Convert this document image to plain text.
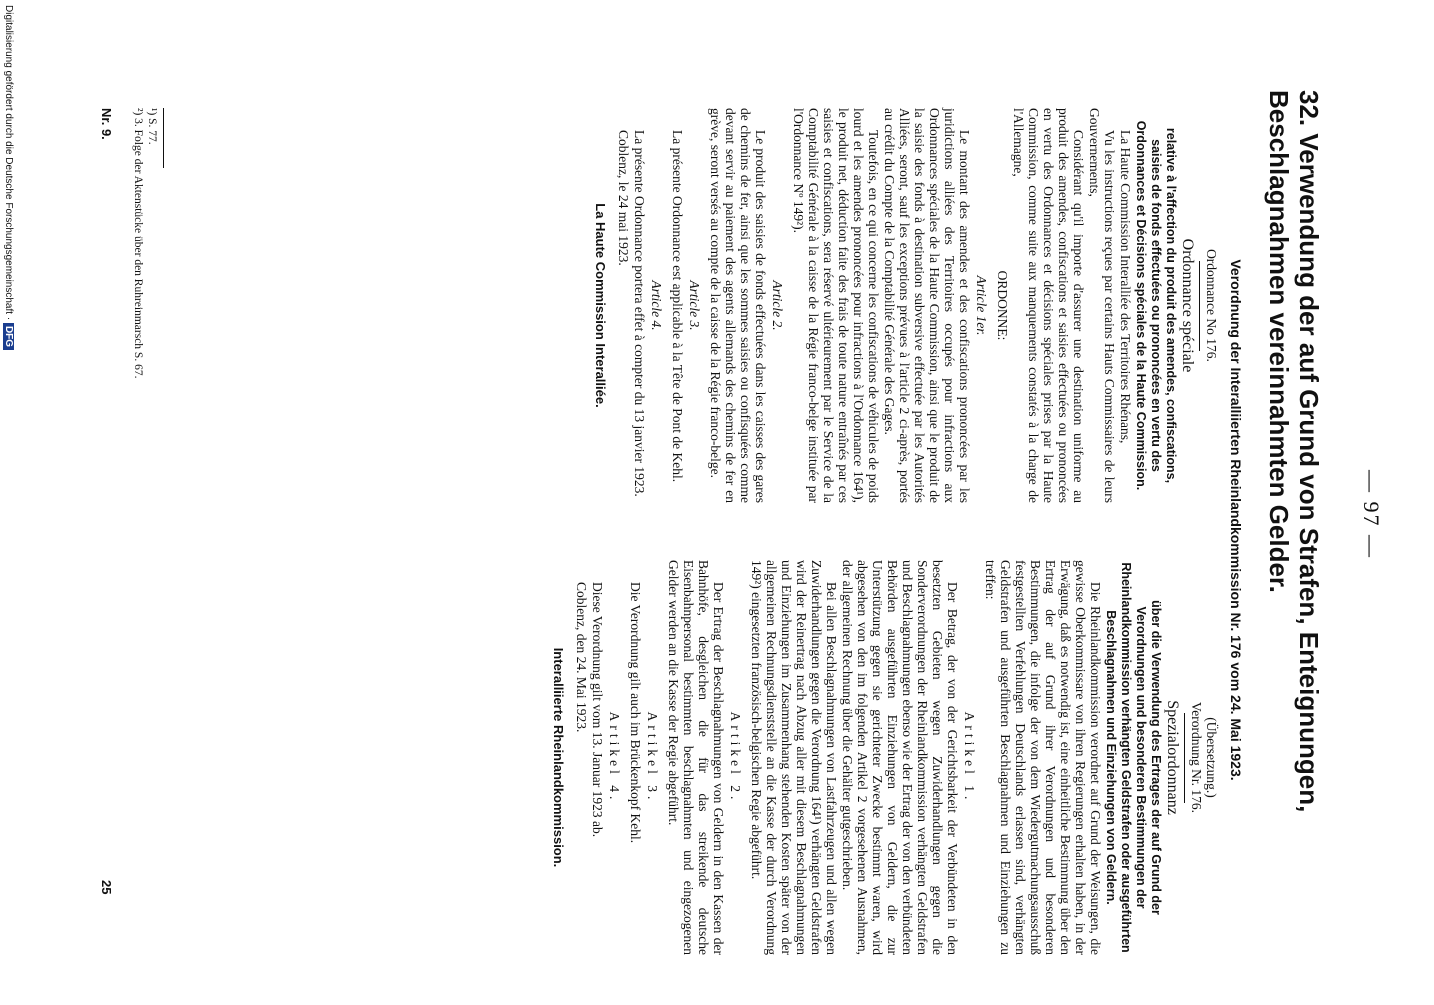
— 97 —
32. Verwendung der auf Grund von Strafen, Enteignungen, Beschlagnahmen vereinnahmten Gelder.
Verordnung der Interalliierten Rheinlandkommission Nr. 176 vom 24. Mai 1923.
Ordonnance No 176.
Ordonnance spéciale
relative à l'affection du produit des amendes, confiscations, saisies de fonds effectuées ou prononcées en vertu des Ordonnances et Décisions spéciales de la Haute Commission.

La Haute Commission Interalliée des Territoires Rhénans,

Vu les instructions reçues par certains Hauts Commissaires de leurs Gouvernements,

Considérant qu'il importe d'assurer une destination uniforme au produit des amendes, confiscations et saisies effectuées ou prononcées en vertu des Ordonnances et décisions spéciales prises par la Haute Commission, comme suite aux manquements constatés à la charge de l'Allemagne,

ORDONNE:
Article 1er.

Le montant des amendes et des confiscations prononcées par les juridictions alliées des Territoires occupés pour infractions aux Ordonnances spéciales de la Haute Commission, ainsi que le produit de la saisie des fonds à destination subversive effectuée par les Autorités Alliées, seront, sauf les exceptions prévues à l'article 2 ci-après, portés au crédit du Compte de la Comptabilité Générale des Gages.

Toutefois, en ce qui concerne les confiscations de véhicules de poids lourd et les amendes prononcées pour infractions à l'Ordonnance 164¹), le produit net, déduction faite des frais de toute nature entraînés par ces saisies et confiscations, sera réservé ultérieurement par le Service de la Comptabilité Générale à la caisse de la Régie franco-belge instituée par l'Ordonnance Nº 149²).

Article 2.

Le produit des saisies de fonds effectuées dans les caisses des gares de chemins de fer, ainsi que les sommes saisies ou confisquées comme devant servir au paiement des agents allemands des chemins de fer en grève, seront versés au compte de la caisse de la Régie franco-belge.

Article 3.

La présente Ordonnance est applicable à la Tête de Pont de Kehl.

Article 4.

La présente Ordonnance portera effet à compter du 13 janvier 1923.

Coblenz, le 24 mai 1923.

La Haute Commission Interalliée.
(Übersetzung.)
Verordnung Nr. 176.
Spezialordonnanz
über die Verwendung des Ertrages der auf Grund der Verordnungen und besonderen Bestimmungen der Rheinlandkommission verhängten Geldstrafen oder ausgeführten Beschlagnahmen und Einziehungen von Geldern.

Die Rheinlandkommission verordnet auf Grund der Weisungen, die gewisse Oberkommissare von ihren Regierungen erhalten haben, in der Erwägung, daß es notwendig ist, eine einheitliche Bestimmung über den Ertrag der auf Grund ihrer Verordnungen und besonderen Bestimmungen, die infolge der von dem Wiedergutmachungsausschuß festgestellten Verfehlungen Deutschlands erlassen sind, verhängten Geldstrafen und ausgeführten Beschlagnahmen und Einziehungen zu treffen:

Artikel 1.

Der Betrag, der von der Gerichtsbarkeit der Verbündeten in den besetzten Gebieten wegen Zuwiderhandlungen gegen die Sonderverordnungen der Rheinlandkommission verhängten Geldstrafen und Beschlagnahmungen ebenso wie der Ertrag der von den verbündeten Behörden ausgeführten Einziehungen von Geldern, die zur Unterstützung gegen sie gerichteter Zwecke bestimmt waren, wird abgesehen von den im folgenden Artikel 2 vorgesehenen Ausnahmen, der allgemeinen Rechnung über die Gehälter gutgeschrieben.

Bei allen Beschlagnahmungen von Lastfahrzeugen und allen wegen Zuwiderhandlungen gegen die Verordnung 164¹) verhängten Geldstrafen wird der Reinertrag nach Abzug aller mit diesem Beschlagnahmungen und Einziehungen im Zusammenhang stehenden Kosten später von der allgemeinen Rechnungsdienststelle an die Kasse der durch Verordnung 149²) eingesetzten französisch-belgischen Regie abgeführt.

Artikel 2.

Der Ertrag der Beschlagnahmungen von Geldern in den Kassen der Bahnhöfe, desgleichen die für das streikende deutsche Eisenbahnpersonal bestimmten beschlagnahmten und eingezogenen Gelder werden an die Kasse der Regie abgeführt.

Artikel 3.

Die Verordnung gilt auch im Brückenkopf Kehl.

Artikel 4.

Diese Verordnung gilt vom 13. Januar 1923 ab.

Coblenz, den 24. Mai 1923.

Interalliierte Rheinlandkommission.
¹) S. 77.
²) 3. Folge der Aktenstücke über den Ruhreinmarsch S. 67.
Nr. 9.
25
Digitalisierung gefördert durch die Deutsche Forschungsgemeinschaft · DFG
